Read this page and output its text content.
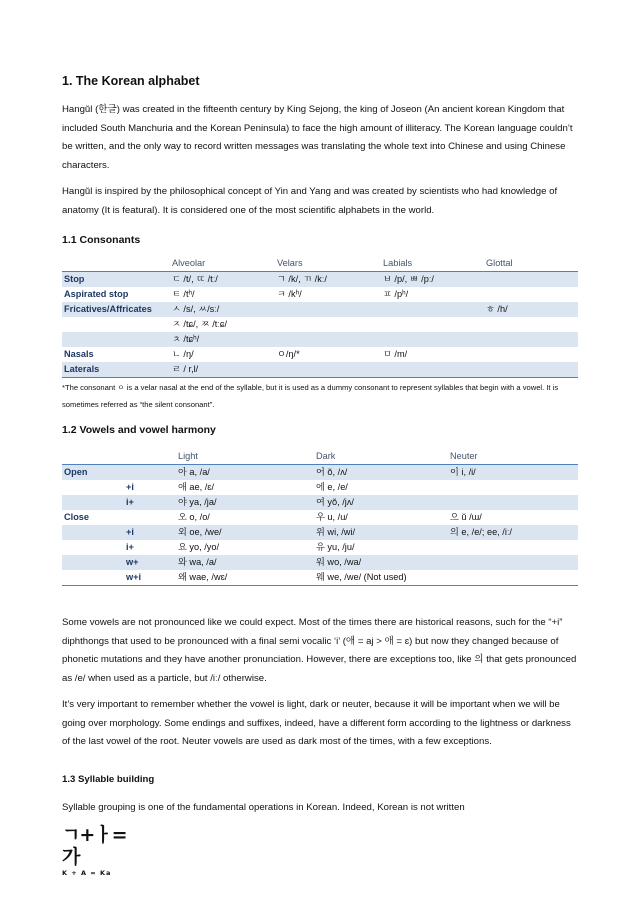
1. The Korean alphabet

Hangŭl (한글) was created in the fifteenth century by King Sejong, the king of Joseon (An ancient korean Kingdom that included South Manchuria and the Korean Peninsula) to face the high amount of illiteracy. The Korean language couldn’t be written, and the only way to record written messages was translating the whole text into Chinese and using Chinese characters.

Hangŭl is inspired by the philosophical concept of Yin and Yang and was created by scientists who had knowledge of anatomy (It is featural). It is considered one of the most scientific alphabets in the world.

1.1 Consonants
	Alveolar	Velars	Labials	Glottal
Stop	ㄷ /t/, ㄸ /tː/	ㄱ /k/, ㄲ /kː/	ㅂ /p/, ㅃ /pː/	
Aspirated stop	ㅌ /tʰ/	ㅋ /kʰ/	ㅍ /pʰ/	
Fricatives/Affricates	ㅅ /s/, ㅆ/sː/			ㅎ /h/
	ㅈ /tɕ/, ㅉ /tːɕ/			
	ㅊ /tɕʰ/			
Nasals	ㄴ /ŋ/	ㅇ/ŋ/*	ㅁ /m/	
Laterals	ㄹ / r,l/			
*The consonant ㅇ is a velar nasal at the end of the syllable, but it is used as a dummy consonant to represent syllables that begin with a vowel. It is sometimes referred as “the silent consonant”.
1.2 Vowels and vowel harmony
		Light	Dark	Neuter
Open		아 a, /a/	어 ŏ, /ʌ/	이 i, /i/
	+i	애 ae, /ɛ/	에 e, /e/	
	i+	야 ya, /ja/	여 yŏ, /jʌ/	
Close		오 o, /o/	우 u, /u/	으 ŭ /ɯ/
	+i	외 oe, /we/	위 wi, /wi/	의 e, /e/; ee, /iː/
	i+	요 yo, /yo/	유 yu, /ju/	
	w+	와 wa, /a/	워 wo, /wa/	
	w+i	왜 wae, /wɛ/	웨 we, /we/ (Not used)	

Some vowels are not pronounced like we could expect. Most of the times there are historical reasons, such for the “+i” diphthongs that used to be pronounced with a final semi vocalic ‘i’ (애 = aj > 애 = ɛ) but now they changed because of phonetic mutations and they have another pronunciation. However, there are exceptions too, like 의 that gets pronounced as /e/ when used as a particle, but /iː/ otherwise.

It’s very important to remember whether the vowel is light, dark or neuter, because it will be important when we will be going over morphology. Some endings and suffixes, indeed, have a different form according to the lightness or darkness of the last vowel of the root. Neuter vowels are used as dark most of the times, with a few exceptions.

1.3 Syllable building

Syllable grouping is one of the fundamental operations in Korean. Indeed, Korean is not written

ㄱ+ㅏ=가
K + A = Ka
